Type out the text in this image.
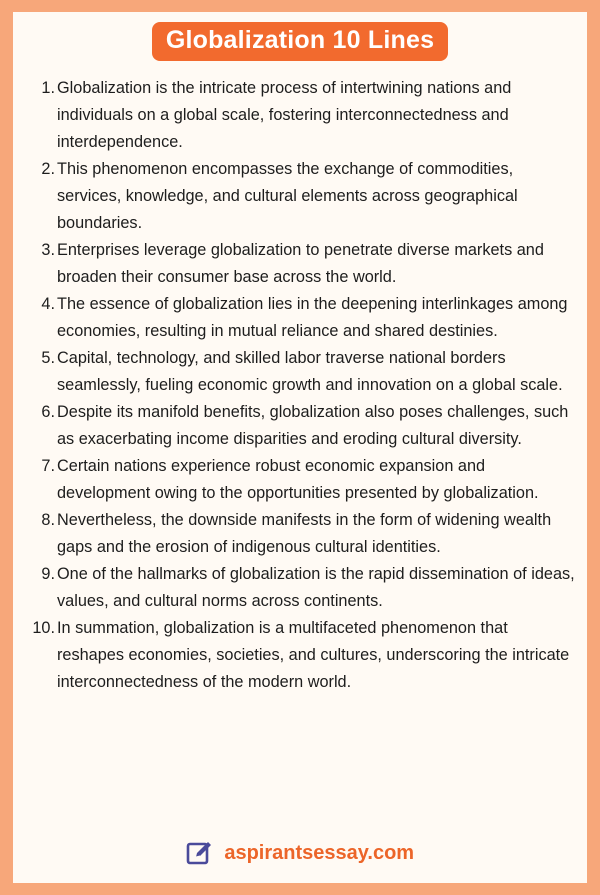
Globalization 10 Lines
1. Globalization is the intricate process of intertwining nations and individuals on a global scale, fostering interconnectedness and interdependence.
2. This phenomenon encompasses the exchange of commodities, services, knowledge, and cultural elements across geographical boundaries.
3. Enterprises leverage globalization to penetrate diverse markets and broaden their consumer base across the world.
4. The essence of globalization lies in the deepening interlinkages among economies, resulting in mutual reliance and shared destinies.
5. Capital, technology, and skilled labor traverse national borders seamlessly, fueling economic growth and innovation on a global scale.
6. Despite its manifold benefits, globalization also poses challenges, such as exacerbating income disparities and eroding cultural diversity.
7. Certain nations experience robust economic expansion and development owing to the opportunities presented by globalization.
8. Nevertheless, the downside manifests in the form of widening wealth gaps and the erosion of indigenous cultural identities.
9. One of the hallmarks of globalization is the rapid dissemination of ideas, values, and cultural norms across continents.
10. In summation, globalization is a multifaceted phenomenon that reshapes economies, societies, and cultures, underscoring the intricate interconnectedness of the modern world.
aspirantsessay.com
